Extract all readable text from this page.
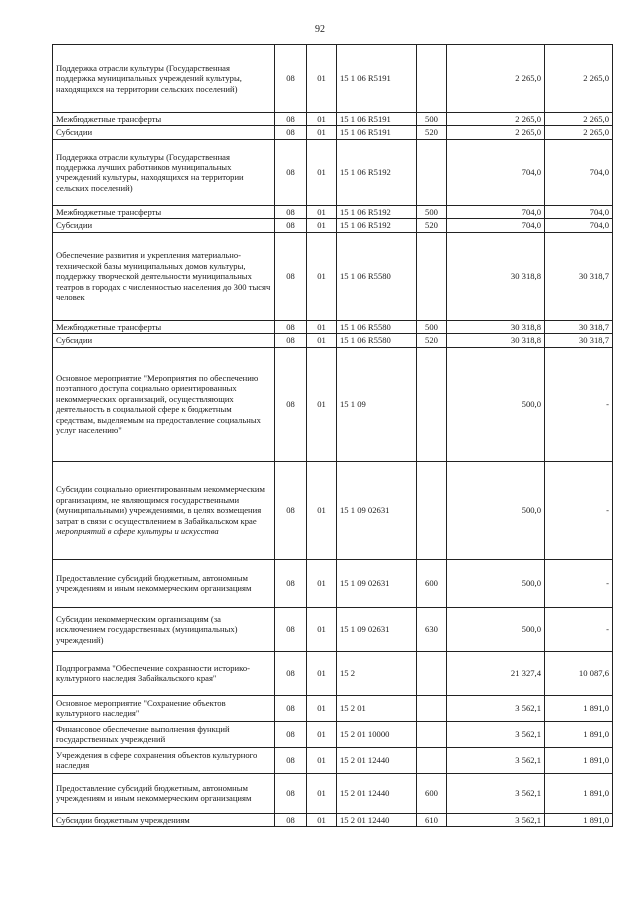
92
Поддержка отрасли культуры (Государственная поддержка муниципальных учреждений культуры, находящихся на территории сельских поселений)	08	01	15 1 06 R5191		2 265,0	2 265,0
Межбюджетные трансферты	08	01	15 1 06 R5191	500	2 265,0	2 265,0
Субсидии	08	01	15 1 06 R5191	520	2 265,0	2 265,0
Поддержка отрасли культуры (Государственная поддержка лучших работников муниципальных учреждений культуры, находящихся на территории сельских поселений)	08	01	15 1 06 R5192		704,0	704,0
Межбюджетные трансферты	08	01	15 1 06 R5192	500	704,0	704,0
Субсидии	08	01	15 1 06 R5192	520	704,0	704,0
Обеспечение развития и укрепления материально-технической базы муниципальных домов культуры, поддержку творческой деятельности муниципальных театров в городах с численностью населения до 300 тысяч человек	08	01	15 1 06 R5580		30 318,8	30 318,7
Межбюджетные трансферты	08	01	15 1 06 R5580	500	30 318,8	30 318,7
Субсидии	08	01	15 1 06 R5580	520	30 318,8	30 318,7
Основное мероприятие "Мероприятия по обеспечению поэтапного доступа социально ориентированных некоммерческих организаций, осуществляющих деятельность в социальной сфере к бюджетным средствам, выделяемым на предоставление социальных услуг населению"	08	01	15 1 09		500,0	-
Субсидии социально ориентированным некоммерческим организациям, не являющимся государственными (муниципальными) учреждениями, в целях возмещения затрат в связи с осуществлением в Забайкальском крае мероприятий в сфере культуры и искусства	08	01	15 1 09 02631		500,0	-
Предоставление субсидий бюджетным, автономным учреждениям и иным некоммерческим организациям	08	01	15 1 09 02631	600	500,0	-
Субсидии некоммерческим организациям (за исключением государственных (муниципальных) учреждений)	08	01	15 1 09 02631	630	500,0	-
Подпрограмма "Обеспечение сохранности историко-культурного наследия Забайкальского края"	08	01	15 2		21 327,4	10 087,6
Основное мероприятие "Сохранение объектов культурного наследия"	08	01	15 2 01		3 562,1	1 891,0
Финансовое обеспечение выполнения функций государственных учреждений	08	01	15 2 01 10000		3 562,1	1 891,0
Учреждения в сфере сохранения объектов культурного наследия	08	01	15 2 01 12440		3 562,1	1 891,0
Предоставление субсидий бюджетным, автономным учреждениям и иным некоммерческим организациям	08	01	15 2 01 12440	600	3 562,1	1 891,0
Субсидии бюджетным учреждениям	08	01	15 2 01 12440	610	3 562,1	1 891,0
